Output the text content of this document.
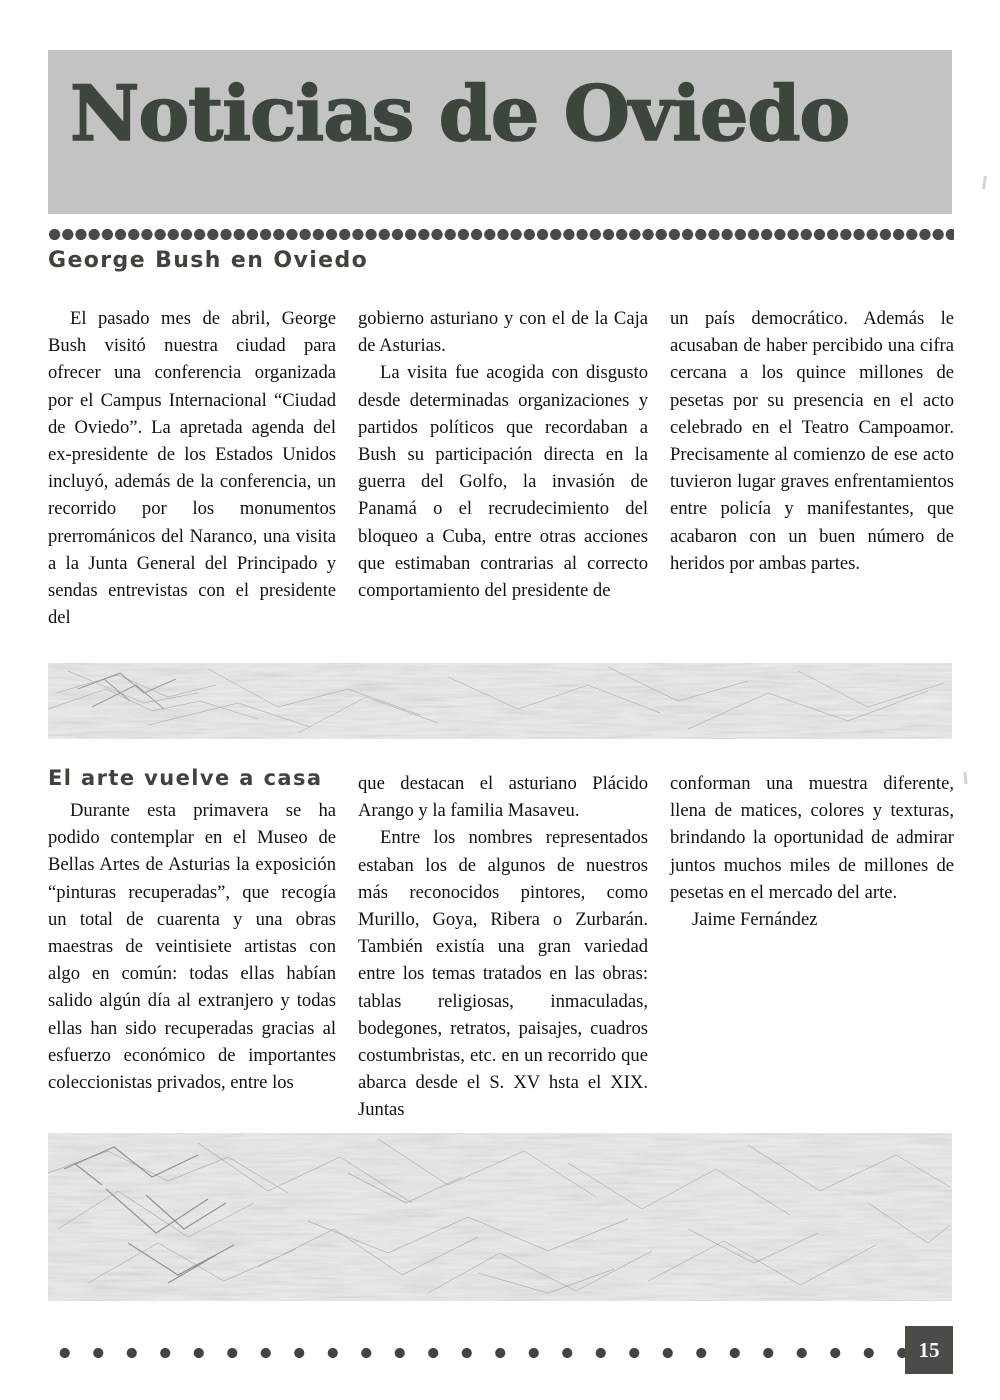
Noticias de Oviedo
George Bush en Oviedo

El pasado mes de abril, George Bush visitó nuestra ciudad para ofrecer una conferencia organizada por el Campus Internacional “Ciudad de Oviedo”. La apretada agenda del ex-presidente de los Estados Unidos incluyó, además de la conferencia, un recorrido por los monumentos prerrománicos del Naranco, una visita a la Junta General del Principado y sendas entrevistas con el presidente del

gobierno asturiano y con el de la Caja de Asturias.

La visita fue acogida con disgusto desde determinadas organizaciones y partidos políticos que recordaban a Bush su participación directa en la guerra del Golfo, la invasión de Panamá o el recrudecimiento del bloqueo a Cuba, entre otras acciones que estimaban contrarias al correcto comportamiento del presidente de

un país democrático. Además le acusaban de haber percibido una cifra cercana a los quince millones de pesetas por su presencia en el acto celebrado en el Teatro Campoamor. Precisamente al comienzo de ese acto tuvieron lugar graves enfrentamientos entre policía y manifestantes, que acabaron con un buen número de heridos por ambas partes.

El arte vuelve a casa

Durante esta primavera se ha podido contemplar en el Museo de Bellas Artes de Asturias la exposición “pinturas recuperadas”, que recogía un total de cuarenta y una obras maestras de veintisiete artistas con algo en común: todas ellas habían salido algún día al extranjero y todas ellas han sido recuperadas gracias al esfuerzo económico de importantes coleccionistas privados, entre los

que destacan el asturiano Plácido Arango y la familia Masaveu.

Entre los nombres representados estaban los de algunos de nuestros más reconocidos pintores, como Murillo, Goya, Ribera o Zurbarán. También existía una gran variedad entre los temas tratados en las obras: tablas religiosas, inmaculadas, bodegones, retratos, paisajes, cuadros costumbristas, etc. en un recorrido que abarca desde el S. XV hsta el XIX. Juntas

conforman una muestra diferente, llena de matices, colores y texturas, brindando la oportunidad de admirar juntos muchos miles de millones de pesetas en el mercado del arte.

Jaime Fernández

15
